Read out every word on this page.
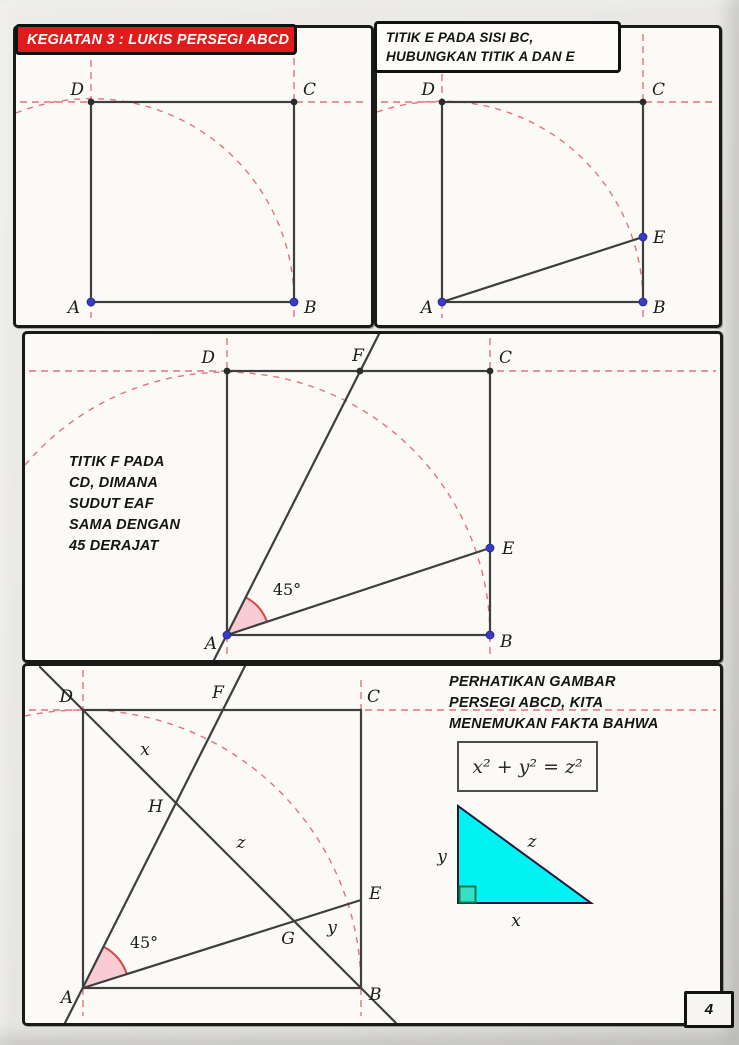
D	C
A	B
D	C
A	B
E
D	F	C
A	B
E
45°
TITIK F PADA
CD, DIMANA
SUDUT EAF
SAMA DENGAN
45 DERAJAT
D	F	C
A	B
E
H
G
x
z
y
45°
y
x
z
PERHATIKAN GAMBAR
PERSEGI ABCD, KITA
MENEMUKAN FAKTA BAHWA
x² + y² = z²
KEGIATAN 3 : LUKIS PERSEGI ABCD	TITIK E PADA SISI BC,
HUBUNGKAN TITIK A DAN E
4
